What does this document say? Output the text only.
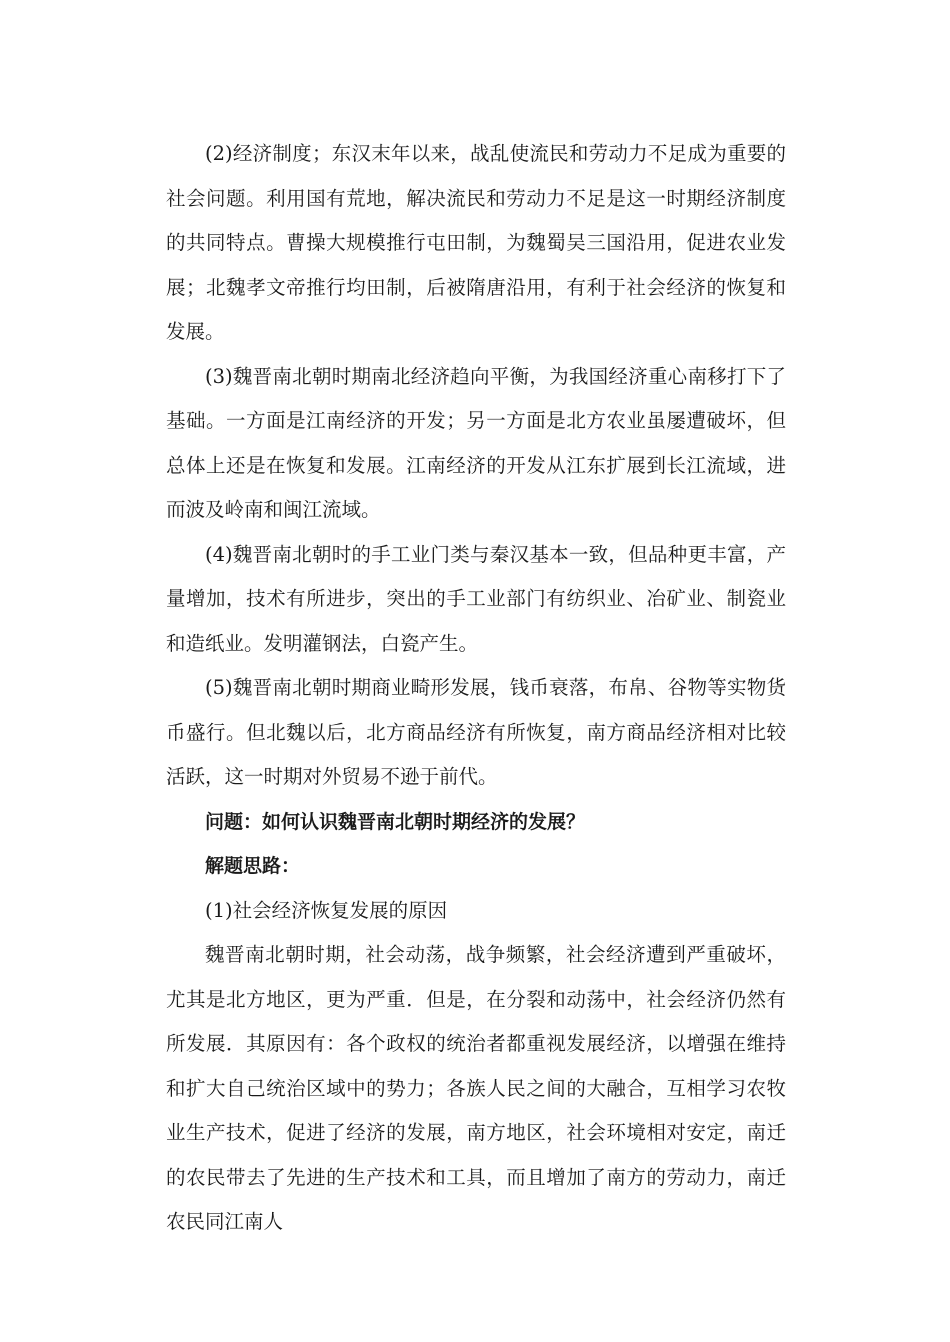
(2)经济制度；东汉末年以来，战乱使流民和劳动力不足成为重要的社会问题。利用国有荒地，解决流民和劳动力不足是这一时期经济制度的共同特点。曹操大规模推行屯田制，为魏蜀吴三国沿用，促进农业发展；北魏孝文帝推行均田制，后被隋唐沿用，有利于社会经济的恢复和发展。

(3)魏晋南北朝时期南北经济趋向平衡，为我国经济重心南移打下了基础。一方面是江南经济的开发；另一方面是北方农业虽屡遭破坏，但总体上还是在恢复和发展。江南经济的开发从江东扩展到长江流域，进而波及岭南和闽江流域。

(4)魏晋南北朝时的手工业门类与秦汉基本一致，但品种更丰富，产量增加，技术有所进步，突出的手工业部门有纺织业、冶矿业、制瓷业和造纸业。发明灌钢法，白瓷产生。

(5)魏晋南北朝时期商业畸形发展，钱币衰落，布帛、谷物等实物货币盛行。但北魏以后，北方商品经济有所恢复，南方商品经济相对比较活跃，这一时期对外贸易不逊于前代。

问题：如何认识魏晋南北朝时期经济的发展？

解题思路：

(1)社会经济恢复发展的原因

魏晋南北朝时期，社会动荡，战争频繁，社会经济遭到严重破坏，尤其是北方地区，更为严重．但是，在分裂和动荡中，社会经济仍然有所发展．其原因有：各个政权的统治者都重视发展经济，以增强在维持和扩大自己统治区域中的势力；各族人民之间的大融合，互相学习农牧业生产技术，促进了经济的发展，南方地区，社会环境相对安定，南迁的农民带去了先进的生产技术和工具，而且增加了南方的劳动力，南迁农民同江南人
